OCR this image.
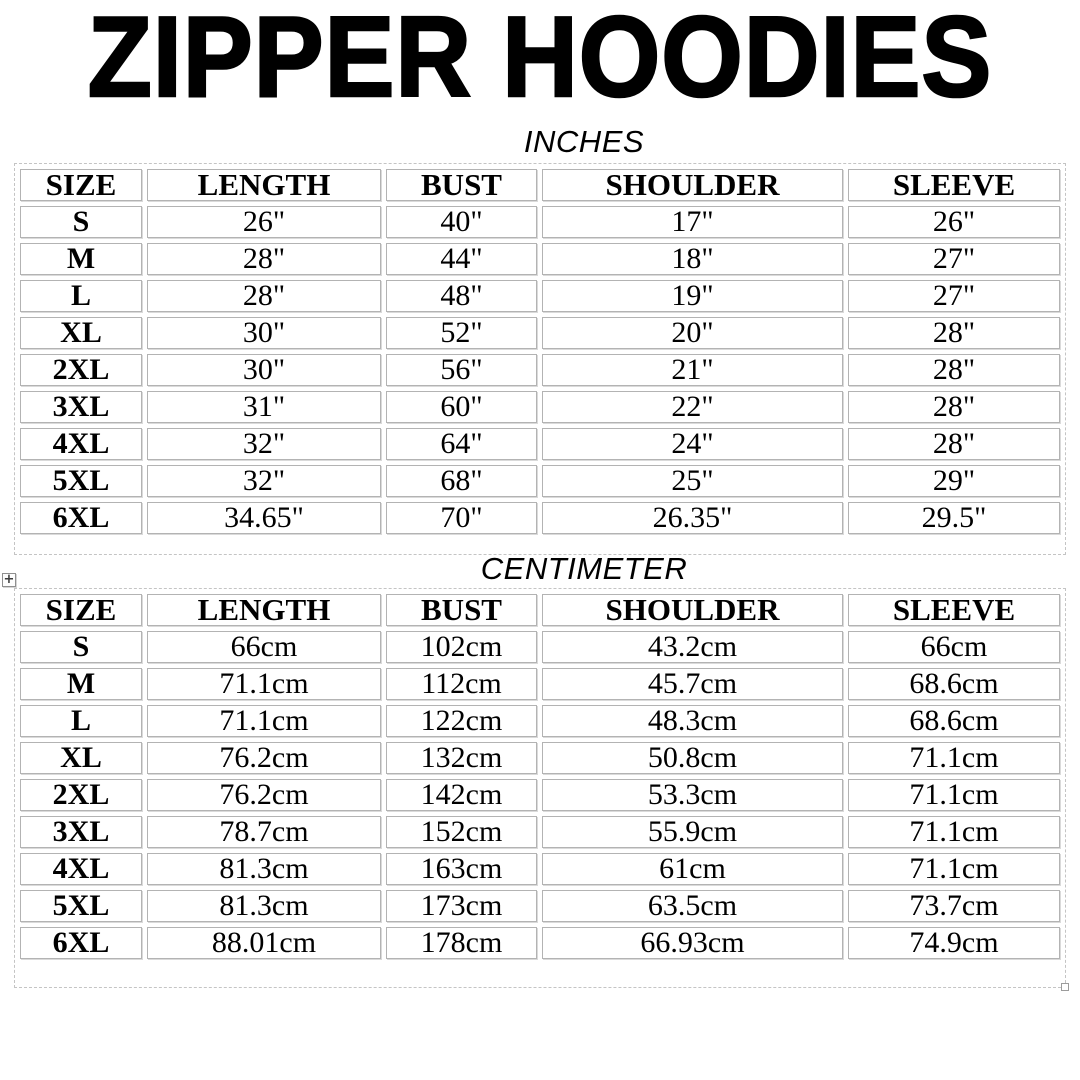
ZIPPER HOODIES
INCHES
SIZE	LENGTH	BUST	SHOULDER	SLEEVE
S	26"	40"	17"	26"
M	28"	44"	18"	27"
L	28"	48"	19"	27"
XL	30"	52"	20"	28"
2XL	30"	56"	21"	28"
3XL	31"	60"	22"	28"
4XL	32"	64"	24"	28"
5XL	32"	68"	25"	29"
6XL	34.65"	70"	26.35"	29.5"
CENTIMETER
+
SIZE	LENGTH	BUST	SHOULDER	SLEEVE
S	66cm	102cm	43.2cm	66cm
M	71.1cm	112cm	45.7cm	68.6cm
L	71.1cm	122cm	48.3cm	68.6cm
XL	76.2cm	132cm	50.8cm	71.1cm
2XL	76.2cm	142cm	53.3cm	71.1cm
3XL	78.7cm	152cm	55.9cm	71.1cm
4XL	81.3cm	163cm	61cm	71.1cm
5XL	81.3cm	173cm	63.5cm	73.7cm
6XL	88.01cm	178cm	66.93cm	74.9cm
